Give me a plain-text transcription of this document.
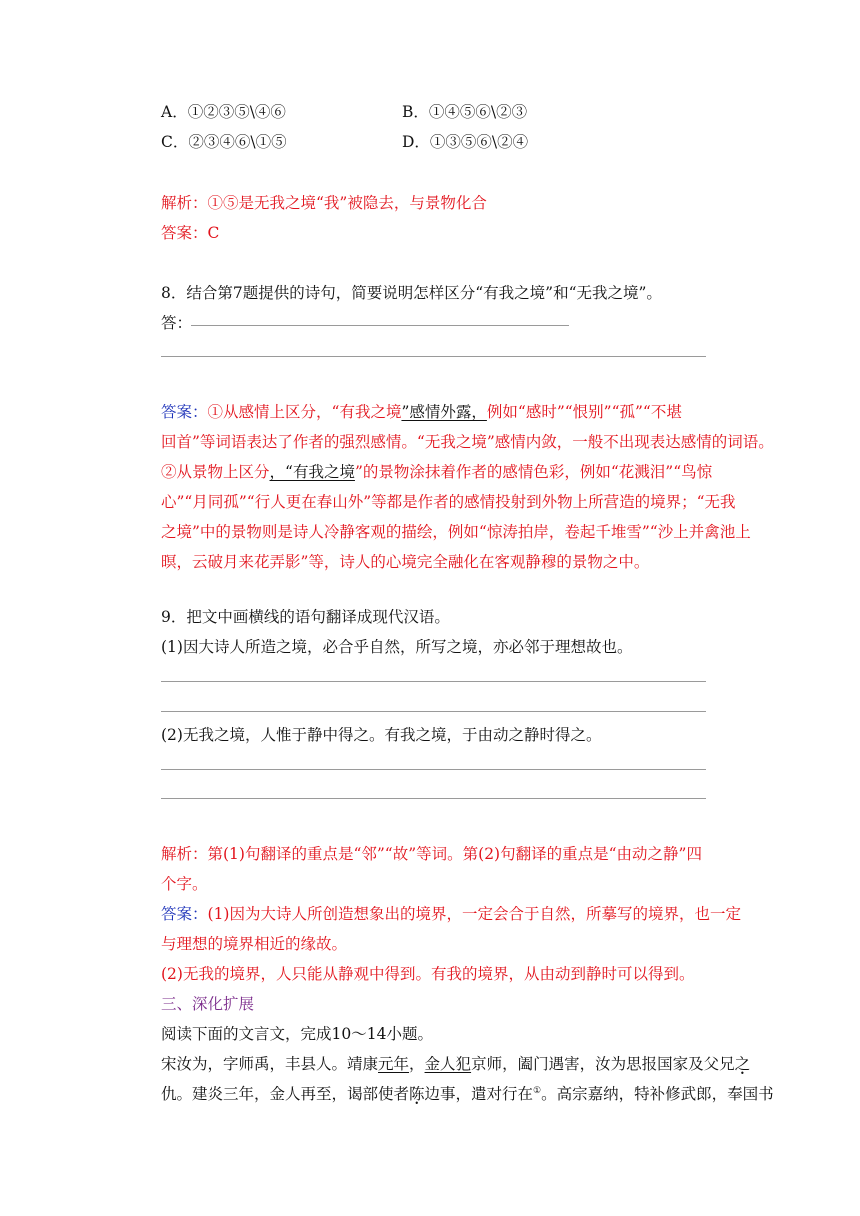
A．①②③⑤\④⑥	B．①④⑤⑥\②③
C．②③④⑥\①⑤	D．①③⑤⑥\②④
解析：①⑤是无我之境“我”被隐去，与景物化合
答案：C
8．结合第7题提供的诗句，简要说明怎样区分“有我之境”和“无我之境”。
答：
答案：①从感情上区分，“有我之境”感情外露，例如“感时”“恨别”“孤”“不堪
回首”等词语表达了作者的强烈感情。“无我之境”感情内敛，一般不出现表达感情的词语。
②从景物上区分，“有我之境”的景物涂抹着作者的感情色彩，例如“花溅泪”“鸟惊
心”“月同孤”“行人更在春山外”等都是作者的感情投射到外物上所营造的境界；“无我
之境”中的景物则是诗人冷静客观的描绘，例如“惊涛拍岸，卷起千堆雪”“沙上并禽池上
暝，云破月来花弄影”等，诗人的心境完全融化在客观静穆的景物之中。
9．把文中画横线的语句翻译成现代汉语。
(1)因大诗人所造之境，必合乎自然，所写之境，亦必邻于理想故也。
(2)无我之境，人惟于静中得之。有我之境，于由动之静时得之。
解析：第(1)句翻译的重点是“邻”“故”等词。第(2)句翻译的重点是“由动之静”四
个字。
答案：(1)因为大诗人所创造想象出的境界，一定会合于自然，所摹写的境界，也一定
与理想的境界相近的缘故。
(2)无我的境界，人只能从静观中得到。有我的境界，从由动到静时可以得到。
三、深化扩展
阅读下面的文言文，完成10～14小题。
宋汝为，字师禹，丰县人。靖康元年，金人犯京师，阖门遇害，汝为思报国家及父兄之
仇。建炎三年，金人再至，谒部使者陈边事，遣对行在①。高宗嘉纳，特补修武郎，奉国书
